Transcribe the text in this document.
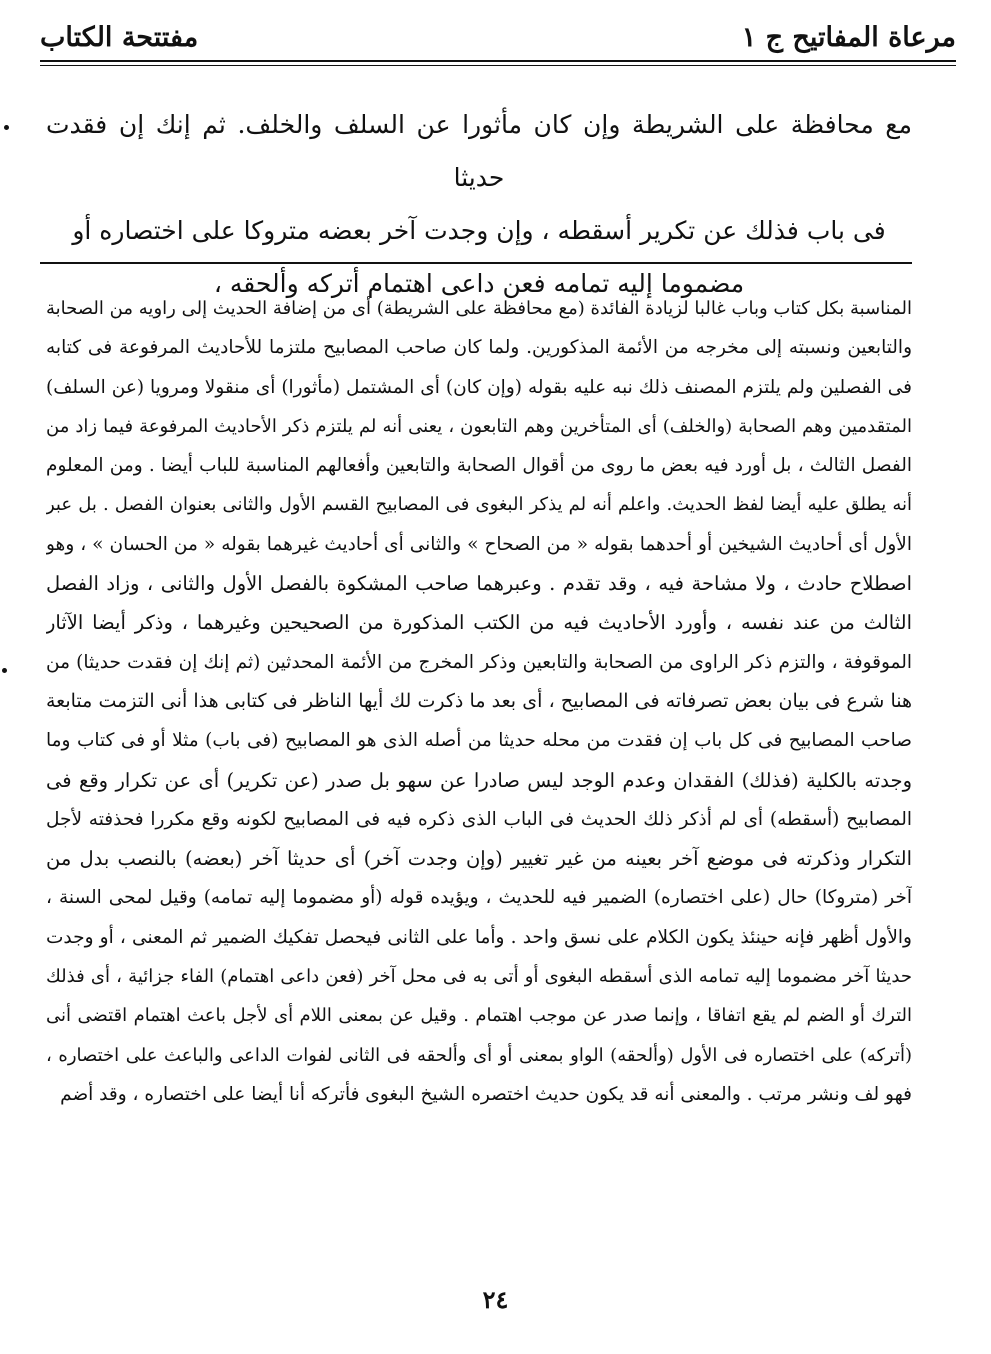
مفتتحة الكتاب	مرعاة المفاتيح ج ١

مع محافظة على الشريطة وإن كان مأثورا عن السلف والخلف. ثم إنك إن فقدت حديثا

فى باب فذلك عن تكرير أسقطه ، وإن وجدت آخر بعضه متروكا على اختصاره أو

مضموما إليه تمامه فعن داعى اهتمام أتركه وألحقه ،

المناسبة بكل كتاب وباب غالبا لزيادة الفائدة (مع محافظة على الشريطة) أى من إضافة الحديث إلى راويه من الصحابة

والتابعين ونسبته إلى مخرجه من الأئمة المذكورين. ولما كان صاحب المصابيح ملتزما للأحاديث المرفوعة فى كتابه

فى الفصلين ولم يلتزم المصنف ذلك نبه عليه بقوله (وإن كان) أى المشتمل (مأثورا) أى منقولا ومرويا (عن السلف)

المتقدمين وهم الصحابة (والخلف) أى المتأخرين وهم التابعون ، يعنى أنه لم يلتزم ذكر الأحاديث المرفوعة فيما زاد من

الفصل الثالث ، بل أورد فيه بعض ما روى من أقوال الصحابة والتابعين وأفعالهم المناسبة للباب أيضا . ومن المعلوم

أنه يطلق عليه أيضا لفظ الحديث. واعلم أنه لم يذكر البغوى فى المصابيح القسم الأول والثانى بعنوان الفصل . بل عبر

الأول أى أحاديث الشيخين أو أحدهما بقوله « من الصحاح » والثانى أى أحاديث غيرهما بقوله « من الحسان » ، وهو

اصطلاح حادث ، ولا مشاحة فيه ، وقد تقدم . وعبرهما صاحب المشكوة بالفصل الأول والثانى ، وزاد الفصل

الثالث من عند نفسه ، وأورد الأحاديث فيه من الكتب المذكورة من الصحيحين وغيرهما ، وذكر أيضا الآثار

الموقوفة ، والتزم ذكر الراوى من الصحابة والتابعين وذكر المخرج من الأئمة المحدثين (ثم إنك إن فقدت حديثا) من

هنا شرع فى بيان بعض تصرفاته فى المصابيح ، أى بعد ما ذكرت لك أيها الناظر فى كتابى هذا أنى التزمت متابعة

صاحب المصابيح فى كل باب إن فقدت من محله حديثا من أصله الذى هو المصابيح (فى باب) مثلا أو فى كتاب وما

وجدته بالكلية (فذلك) الفقدان وعدم الوجد ليس صادرا عن سهو بل صدر (عن تكرير) أى عن تكرار وقع فى

المصابيح (أسقطه) أى لم أذكر ذلك الحديث فى الباب الذى ذكره فيه فى المصابيح لكونه وقع مكررا فحذفته لأجل

التكرار وذكرته فى موضع آخر بعينه من غير تغيير (وإن وجدت آخر) أى حديثا آخر (بعضه) بالنصب بدل من

آخر (متروكا) حال (على اختصاره) الضمير فيه للحديث ، ويؤيده قوله (أو مضموما إليه تمامه) وقيل لمحى السنة ،

والأول أظهر فإنه حينئذ يكون الكلام على نسق واحد . وأما على الثانى فيحصل تفكيك الضمير ثم المعنى ، أو وجدت

حديثا آخر مضموما إليه تمامه الذى أسقطه البغوى أو أتى به فى محل آخر (فعن داعى اهتمام) الفاء جزائية ، أى فذلك

الترك أو الضم لم يقع اتفاقا ، وإنما صدر عن موجب اهتمام . وقيل عن بمعنى اللام أى لأجل باعث اهتمام اقتضى أنى

(أتركه) على اختصاره فى الأول (وألحقه) الواو بمعنى أو أى وألحقه فى الثانى لفوات الداعى والباعث على اختصاره ،

فهو لف ونشر مرتب . والمعنى أنه قد يكون حديث اختصره الشيخ البغوى فأتركه أنا أيضا على اختصاره ، وقد أضم

٢٤
